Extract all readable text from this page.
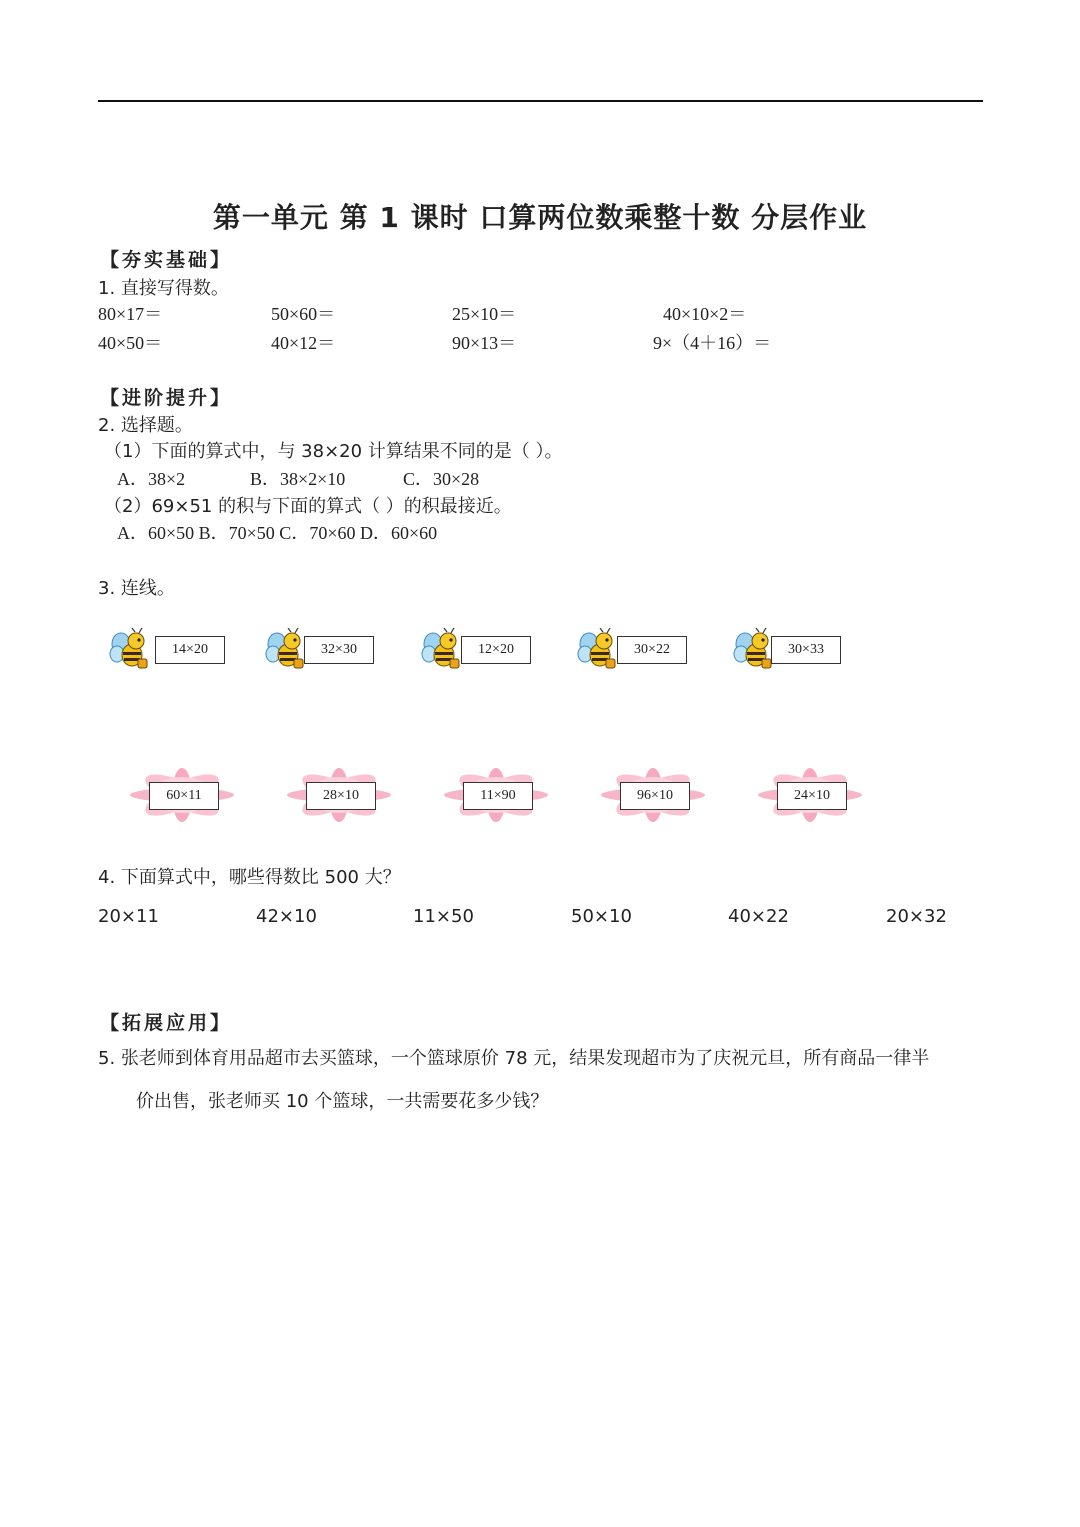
第一单元 第 1 课时 口算两位数乘整十数 分层作业
【夯实基础】
1. 直接写得数。
80×17＝	50×60＝	25×10＝	40×10×2＝
40×50＝	40×12＝	90×13＝	9×（4＋16）＝
【进阶提升】
2. 选择题。
（1）下面的算式中，与 38×20 计算结果不同的是（ ）。
A．38×2	B．38×2×10	C．30×28
（2）69×51 的积与下面的算式（ ）的积最接近。
A．60×50 B．70×50 C．70×60 D．60×60
3. 连线。
14×20	32×30	12×20	30×22	30×33
60×11	28×10	11×90	96×10	24×10
4. 下面算式中，哪些得数比 500 大？
20×11	42×10	11×50	50×10	40×22	20×32
【拓展应用】
5. 张老师到体育用品超市去买篮球，一个篮球原价 78 元，结果发现超市为了庆祝元旦，所有商品一律半
价出售，张老师买 10 个篮球，一共需要花多少钱？
